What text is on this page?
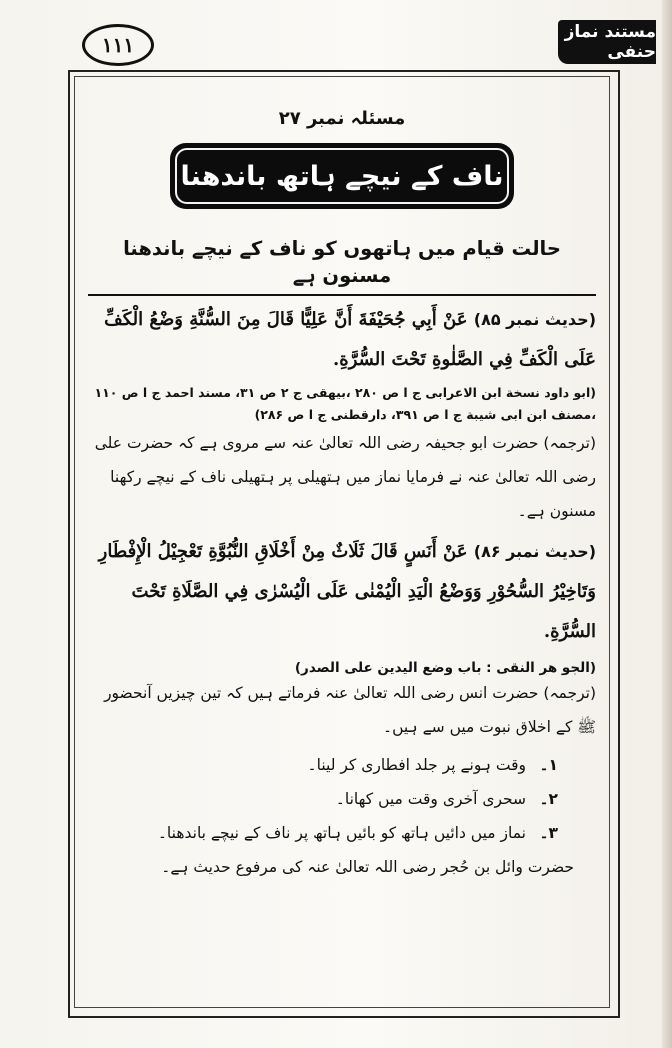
١١١
مستند نماز حنفی
مسئلہ نمبر ۲۷
ناف کے نیچے ہاتھ باندھنا
حالت قیام میں ہاتھوں کو ناف کے نیچے باندھنا مسنون ہے

(حدیث نمبر ۸۵) عَنْ أَبِي جُحَيْفَةَ أَنَّ عَلِيًّا قَالَ مِنَ السُّنَّةِ وَضْعُ الْكَفِّ عَلَى الْكَفِّ فِي الصَّلٰوةِ تَحْتَ السُّرَّةِ.

(ابو داود نسخة ابن الاعرابی ج ا ص ۲۸۰ ،بیهقی ج ۲ ص ۳۱، مسند احمد ج ا ص ۱۱۰ ،مصنف ابن ابی شیبة ج ا ص ۳۹۱، دارقطنی ج ا ص ۲۸۶)

(ترجمہ) حضرت ابو جحیفہ رضی اللہ تعالیٰ عنہ سے مروی ہے کہ حضرت علی رضی اللہ تعالیٰ عنہ نے فرمایا نماز میں ہتھیلی پر ہتھیلی ناف کے نیچے رکھنا مسنون ہے۔

(حدیث نمبر ۸۶) عَنْ أَنَسٍ قَالَ ثَلَاثٌ مِنْ أَخْلَاقِ النُّبُوَّةِ تَعْجِيْلُ الْإِفْطَارِ وَتَاخِيْرُ السُّحُوْرِ وَوَضْعُ الْيَدِ الْيُمْنٰى عَلَى الْيُسْرٰى فِي الصَّلَاةِ تَحْتَ السُّرَّةِ.

(الجو هر النقی : باب وضع اليدين على الصدر)

(ترجمہ) حضرت انس رضی اللہ تعالیٰ عنہ فرماتے ہیں کہ تین چیزیں آنحضور ﷺ کے اخلاق نبوت میں سے ہیں۔

۱۔وقت ہونے پر جلد افطاری کر لینا۔
۲۔سحری آخری وقت میں کھانا۔
۳۔نماز میں دائیں ہاتھ کو بائیں ہاتھ پر ناف کے نیچے باندھنا۔

حضرت وائل بن حُجر رضی اللہ تعالیٰ عنہ کی مرفوع حدیث ہے۔
